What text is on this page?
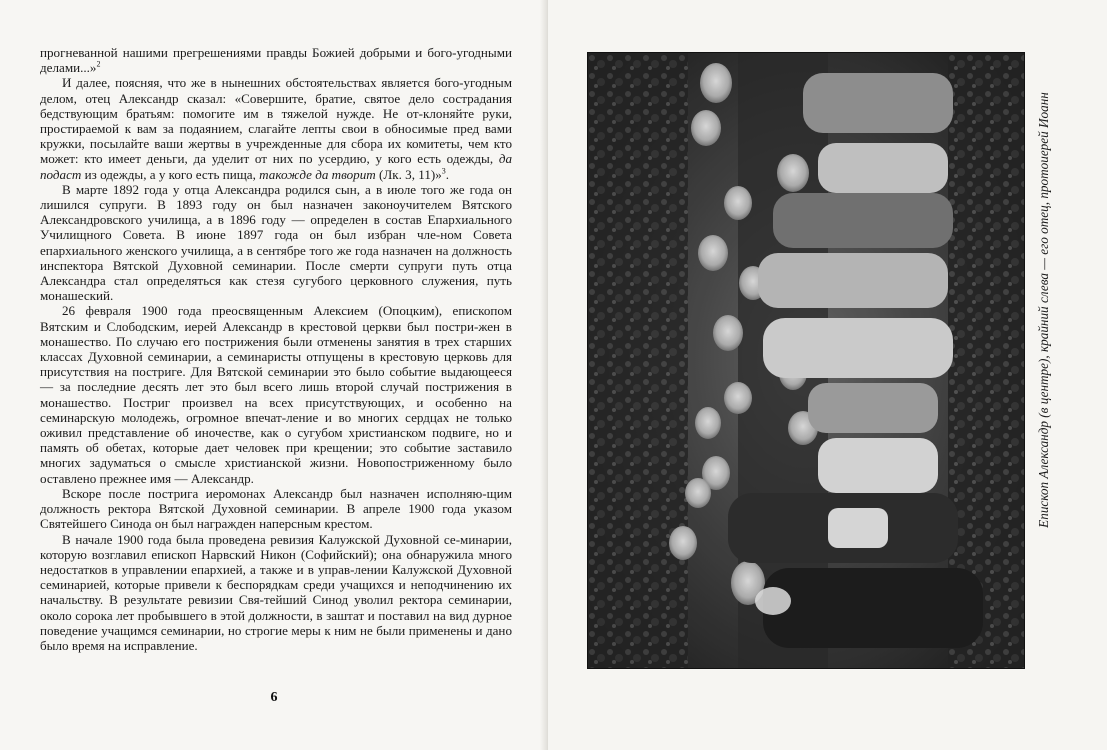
прогневанной нашими прегрешениями правды Божией добрыми и бого-угодными делами...»$^2$

И далее, поясняя, что же в нынешних обстоятельствах является бого-угодным делом, отец Александр сказал: «Совершите, братие, святое дело сострадания бедствующим братьям: помогите им в тяжелой нужде. Не от-клоняйте руки, простираемой к вам за подаянием, слагайте лепты свои в обносимые пред вами кружки, посылайте ваши жертвы в учрежденные для сбора их комитеты, чем кто может: кто имеет деньги, да уделит от них по усердию, у кого есть одежды, да подаст из одежды, а у кого есть пища, такожде да творит (Лк. 3, 11)»$^3$.

В марте 1892 года у отца Александра родился сын, а в июле того же года он лишился супруги. В 1893 году он был назначен законоучителем Вятского Александровского училища, а в 1896 году — определен в состав Епархиального Училищного Совета. В июне 1897 года он был избран чле-ном Совета епархиального женского училища, а в сентябре того же года назначен на должность инспектора Вятской Духовной семинарии. После смерти супруги путь отца Александра стал определяться как стезя сугубого церковного служения, путь монашеский.

26 февраля 1900 года преосвященным Алексием (Опоцким), епископом Вятским и Слободским, иерей Александр в крестовой церкви был постри-жен в монашество. По случаю его пострижения были отменены занятия в трех старших классах Духовной семинарии, а семинаристы отпущены в крестовую церковь для присутствия на постриге. Для Вятской семинарии это было событие выдающееся — за последние десять лет это был всего лишь второй случай пострижения в монашество. Постриг произвел на всех присутствующих, и особенно на семинарскую молодежь, огромное впечат-ление и во многих сердцах не только оживил представление об иночестве, как о сугубом христианском подвиге, но и память об обетах, которые дает человек при крещении; это событие заставило многих задуматься о смысле христианской жизни. Новопостриженному было оставлено прежнее имя — Александр.

Вскоре после пострига иеромонах Александр был назначен исполняю-щим должность ректора Вятской Духовной семинарии. В апреле 1900 года указом Святейшего Синода он был награжден наперсным крестом.

В начале 1900 года была проведена ревизия Калужской Духовной се-минарии, которую возглавил епископ Нарвский Никон (Софийский); она обнаружила много недостатков в управлении епархией, а также и в управ-лении Калужской Духовной семинарией, которые привели к беспорядкам среди учащихся и неподчинению их начальству. В результате ревизии Свя-тейший Синод уволил ректора семинарии, около сорока лет пробывшего в этой должности, в заштат и поставил на вид дурное поведение учащимся семинарии, но строгие меры к ним не были применены и дано было время на исправление.

6
Епископ Александр (в центре), крайний слева — его отец, протоиерей Иоанн
